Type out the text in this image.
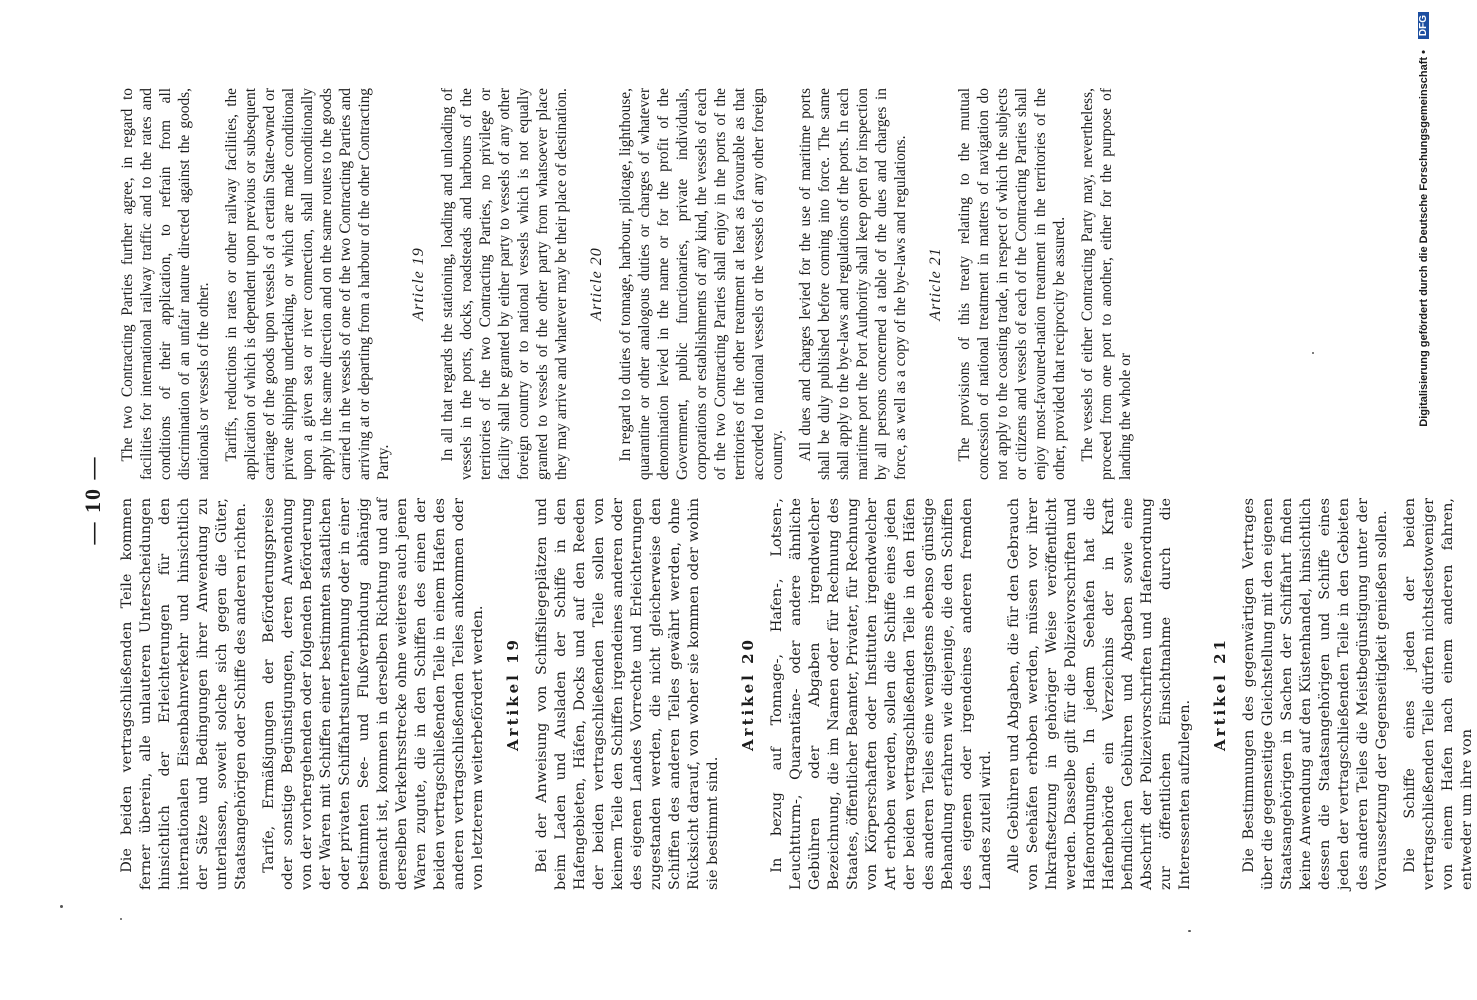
— 10 — Die beiden vertragschließenden Teile kommen ferner überein, alle unlauteren Unterscheidungen hinsichtlich der Erleichterungen für den internationalen Eisenbahnverkehr und hinsichtlich der Sätze und Bedingungen ihrer Anwendung zu unterlassen, soweit solche sich gegen die Güter, Staatsangehörigen oder Schiffe des anderen richten. Tarife, Ermäßigungen der Beförderungspreise oder sonstige Begünstigungen, deren Anwendung von der vorhergehenden oder folgenden Beförderung der Waren mit Schiffen einer bestimmten staatlichen oder privaten Schiffahrtsunternehmung oder in einer bestimmten See- und Flußverbindung abhängig gemacht ist, kommen in derselben Richtung und auf derselben Verkehrsstrecke ohne weiteres auch jenen Waren zugute, die in den Schiffen des einen der beiden vertragschließenden Teile in einem Hafen des anderen vertragschließenden Teiles ankommen oder von letzterem weiterbefördert werden. Artikel 19 Bei der Anweisung von Schiffsliegeplätzen und beim Laden und Ausladen der Schiffe in den Hafengebieten, Häfen, Docks und auf den Reeden der beiden vertragschließenden Teile sollen von keinem Teile den Schiffen irgendeines anderen oder des eigenen Landes Vorrechte und Erleichterungen zugestanden werden, die nicht gleicherweise den Schiffen des anderen Teiles gewährt werden, ohne Rücksicht darauf, von woher sie kommen oder wohin sie bestimmt sind.

Artikel 20 In bezug auf Tonnage-, Hafen-, Lotsen-, Leuchtturm-, Quarantäne- oder andere ähnliche Gebühren oder Abgaben irgendwelcher Bezeichnung, die im Namen oder für Rechnung des Staates, öffentlicher Beamter, Privater, für Rechnung von Körperschaften oder Instituten irgendwelcher Art erhoben werden, sollen die Schiffe eines jeden der beiden vertragschließenden Teile in den Häfen des anderen Teiles eine wenigstens ebenso günstige Behandlung erfahren wie diejenige, die den Schiffen des eigenen oder irgendeines anderen fremden Landes zuteil wird. Alle Gebühren und Abgaben, die für den Gebrauch von Seehäfen erhoben werden, müssen vor ihrer Inkraftsetzung in gehöriger Weise veröffentlicht werden. Dasselbe gilt für die Polizeivorschriften und Hafenordnungen. In jedem Seehafen hat die Hafenbehörde ein Verzeichnis der in Kraft befindlichen Gebühren und Abgaben sowie eine Abschrift der Polizeivorschriften und Hafenordnung zur öffentlichen Einsichtnahme durch die Interessenten aufzulegen.

Artikel 21 Die Bestimmungen des gegenwärtigen Vertrages über die gegenseitige Gleichstellung mit den eigenen Staatsangehörigen in Sachen der Schiffahrt finden keine Anwendung auf den Küstenhandel, hinsichtlich dessen die Staatsangehörigen und Schiffe eines jeden der vertragschließenden Teile in den Gebieten des anderen Teiles die Meistbegünstigung unter der Voraussetzung der Gegenseitigkeit genießen sollen. Die Schiffe eines jeden der beiden vertragschließenden Teile dürfen nichtsdestoweniger von einem Hafen nach einem anderen fahren, entweder um ihre von

The two Contracting Parties further agree, in regard to facilities for international railway traffic and to the rates and conditions of their application, to refrain from all discrimination of an unfair nature directed against the goods, nationals or vessels of the other. Tariffs, reductions in rates or other railway facilities, the application of which is dependent upon previous or subsequent carriage of the goods upon vessels of a certain State-owned or private shipping undertaking, or which are made conditional upon a given sea or river connection, shall unconditionally apply in the same direction and on the same routes to the goods carried in the vessels of one of the two Contracting Parties and arriving at or departing from a harbour of the other Contracting Party.

Article 19 In all that regards the stationing, loading and unloading of vessels in the ports, docks, roadsteads and harbours of the territories of the two Contracting Parties, no privilege or facility shall be granted by either party to vessels of any other foreign country or to national vessels which is not equally granted to vessels of the other party from whatsoever place they may arrive and whatever may be their place of destination. Article 20 In regard to duties of tonnage, harbour, pilotage, lighthouse, quarantine or other analogous duties or charges of whatever denomination levied in the name or for the profit of the Government, public functionaries, private individuals, corporations or establishments of any kind, the vessels of each of the two Contracting Parties shall enjoy in the ports of the territories of the other treatment at least as favourable as that accorded to national vessels or the vessels of any other foreign country. All dues and charges levied for the use of maritime ports shall be duly published before coming into force. The same shall apply to the bye-laws and regulations of the ports. In each maritime port the Port Authority shall keep open for inspection by all persons concerned a table of the dues and charges in force, as well as a copy of the bye-laws and regulations. Article 21 The provisions of this treaty relating to the mutual concession of national treatment in matters of navigation do not apply to the coasting trade, in respect of which the subjects or citizens and vessels of each of the Contracting Parties shall enjoy most-favoured-nation treatment in the territories of the other, provided that reciprocity be assured. The vessels of either Contracting Party may, nevertheless, proceed from one port to another, either for the purpose of landing the whole or	Digitalisierung gefördert durch die Deutsche Forschungsgemeinschaft •
DFG
